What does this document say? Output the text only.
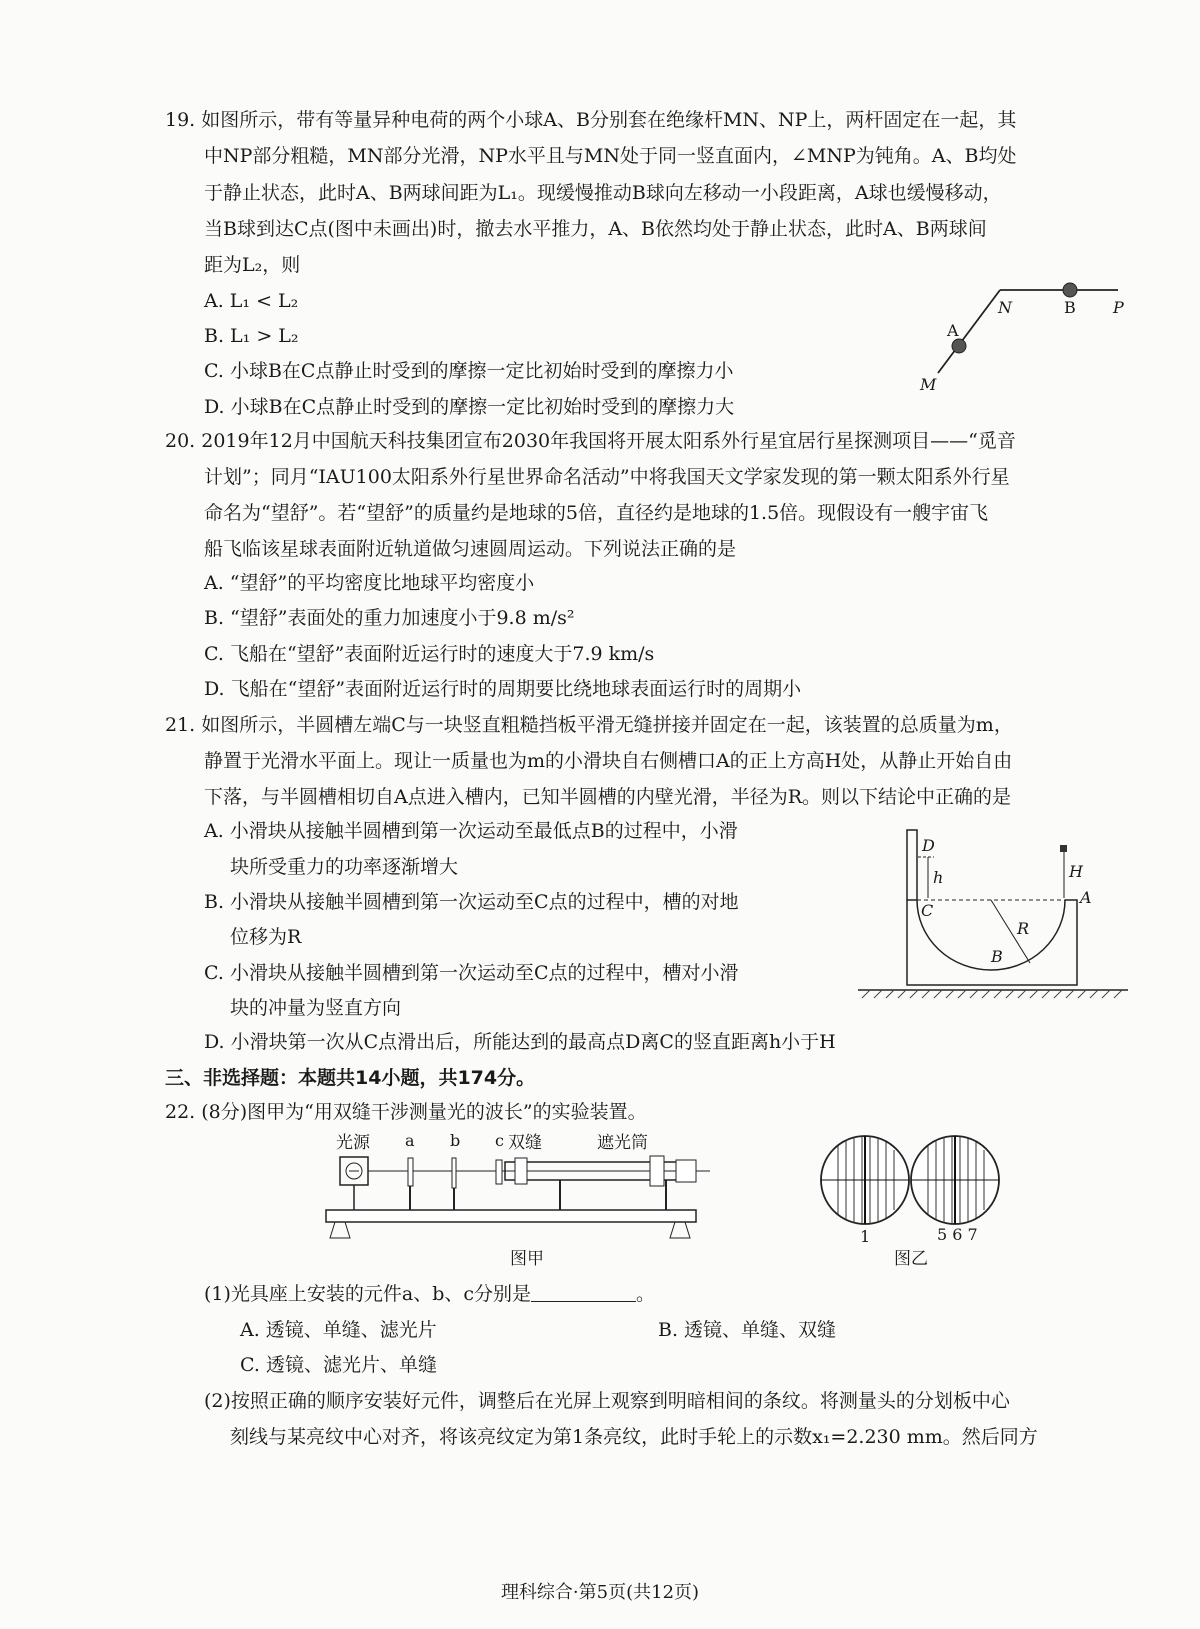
19. 如图所示，带有等量异种电荷的两个小球A、B分别套在绝缘杆MN、NP上，两杆固定在一起，其
中NP部分粗糙，MN部分光滑，NP水平且与MN处于同一竖直面内，∠MNP为钝角。A、B均处
于静止状态，此时A、B两球间距为L₁。现缓慢推动B球向左移动一小段距离，A球也缓慢移动，
当B球到达C点(图中未画出)时，撤去水平推力，A、B依然均处于静止状态，此时A、B两球间
距为L₂，则
A. L₁ < L₂
B. L₁ > L₂
C. 小球B在C点静止时受到的摩擦一定比初始时受到的摩擦力小
D. 小球B在C点静止时受到的摩擦一定比初始时受到的摩擦力大
A
N	B P
M
20. 2019年12月中国航天科技集团宣布2030年我国将开展太阳系外行星宜居行星探测项目——“觅音
计划”；同月“IAU100太阳系外行星世界命名活动”中将我国天文学家发现的第一颗太阳系外行星
命名为“望舒”。若“望舒”的质量约是地球的5倍，直径约是地球的1.5倍。现假设有一艘宇宙飞
船飞临该星球表面附近轨道做匀速圆周运动。下列说法正确的是
A. “望舒”的平均密度比地球平均密度小
B. “望舒”表面处的重力加速度小于9.8 m/s²
C. 飞船在“望舒”表面附近运行时的速度大于7.9 km/s
D. 飞船在“望舒”表面附近运行时的周期要比绕地球表面运行时的周期小
21. 如图所示，半圆槽左端C与一块竖直粗糙挡板平滑无缝拼接并固定在一起，该装置的总质量为m，
静置于光滑水平面上。现让一质量也为m的小滑块自右侧槽口A的正上方高H处，从静止开始自由
下落，与半圆槽相切自A点进入槽内，已知半圆槽的内壁光滑，半径为R。则以下结论中正确的是
A. 小滑块从接触半圆槽到第一次运动至最低点B的过程中，小滑
块所受重力的功率逐渐增大
B. 小滑块从接触半圆槽到第一次运动至C点的过程中，槽的对地
位移为R
C. 小滑块从接触半圆槽到第一次运动至C点的过程中，槽对小滑
块的冲量为竖直方向
D. 小滑块第一次从C点滑出后，所能达到的最高点D离C的竖直距离h小于H
D
h
C
R
B
A
H
三、非选择题：本题共14小题，共174分。
22. (8分)图甲为“用双缝干涉测量光的波长”的实验装置。
光源 a b c 双缝	遮光筒
图甲
1	5 6 7
图乙
(1)光具座上安装的元件a、b、c分别是	。
A. 透镜、单缝、滤光片	B. 透镜、单缝、双缝
C. 透镜、滤光片、单缝
(2)按照正确的顺序安装好元件，调整后在光屏上观察到明暗相间的条纹。将测量头的分划板中心
刻线与某亮纹中心对齐，将该亮纹定为第1条亮纹，此时手轮上的示数x₁=2.230 mm。然后同方
理科综合·第5页(共12页)
